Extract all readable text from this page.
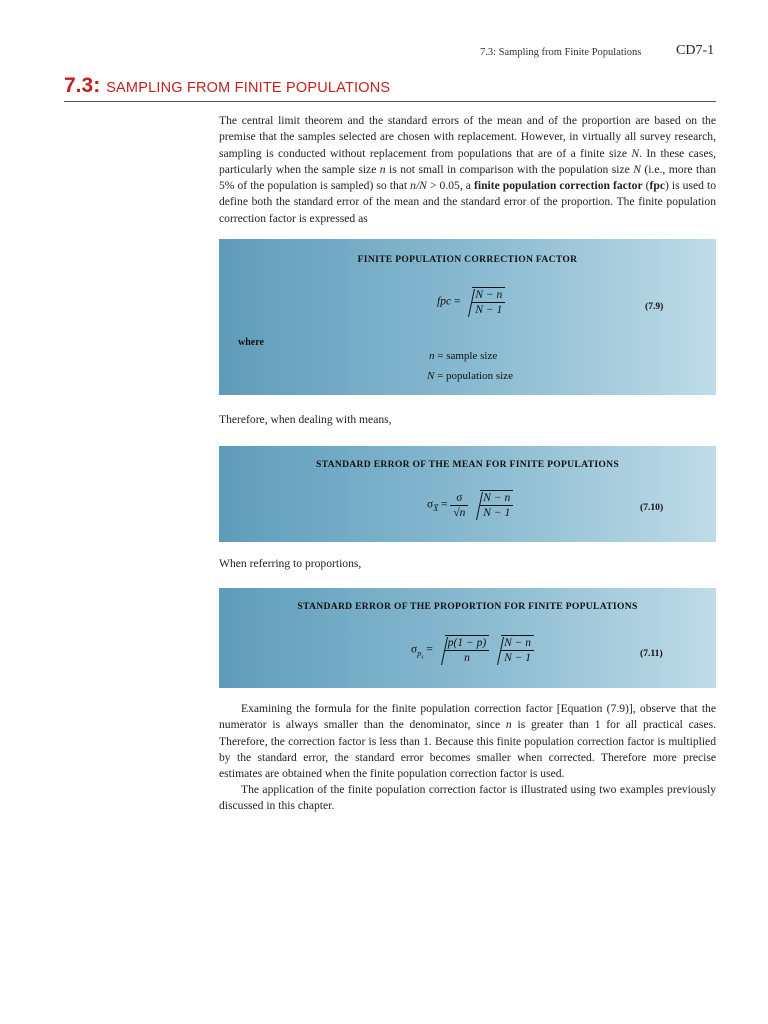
7.3: Sampling from Finite Populations CD7-1
7.3: SAMPLING FROM FINITE POPULATIONS
The central limit theorem and the standard errors of the mean and of the proportion are based on the premise that the samples selected are chosen with replacement. However, in virtually all survey research, sampling is conducted without replacement from populations that are of a finite size N. In these cases, particularly when the sample size n is not small in comparison with the population size N (i.e., more than 5% of the population is sampled) so that n/N > 0.05, a finite population correction factor (fpc) is used to define both the standard error of the mean and the standard error of the proportion. The finite population correction factor is expressed as
FINITE POPULATION CORRECTION FACTOR
fpc = $\frac{N - n}{N - 1}$	(7.9)
where
n = sample size
N = population size
Therefore, when dealing with means,
STANDARD ERROR OF THE MEAN FOR FINITE POPULATIONS
$\sigma_{X̅} = \frac{\sigma}{√n}$
$\frac{N - n}{N - 1}$	(7.10)
When referring to proportions,
STANDARD ERROR OF THE PROPORTION FOR FINITE POPULATIONS
$\sigma_{p_s} = \frac{p(1 - p)}{n}$
$\frac{N - n}{N - 1}$	(7.11)
Examining the formula for the finite population correction factor [Equation (7.9)], observe that the numerator is always smaller than the denominator, since n is greater than 1 for all practical cases. Therefore, the correction factor is less than 1. Because this finite population correction factor is multiplied by the standard error, the standard error becomes smaller when corrected. Therefore more precise estimates are obtained when the finite population correction factor is used.
The application of the finite population correction factor is illustrated using two examples previously discussed in this chapter.
